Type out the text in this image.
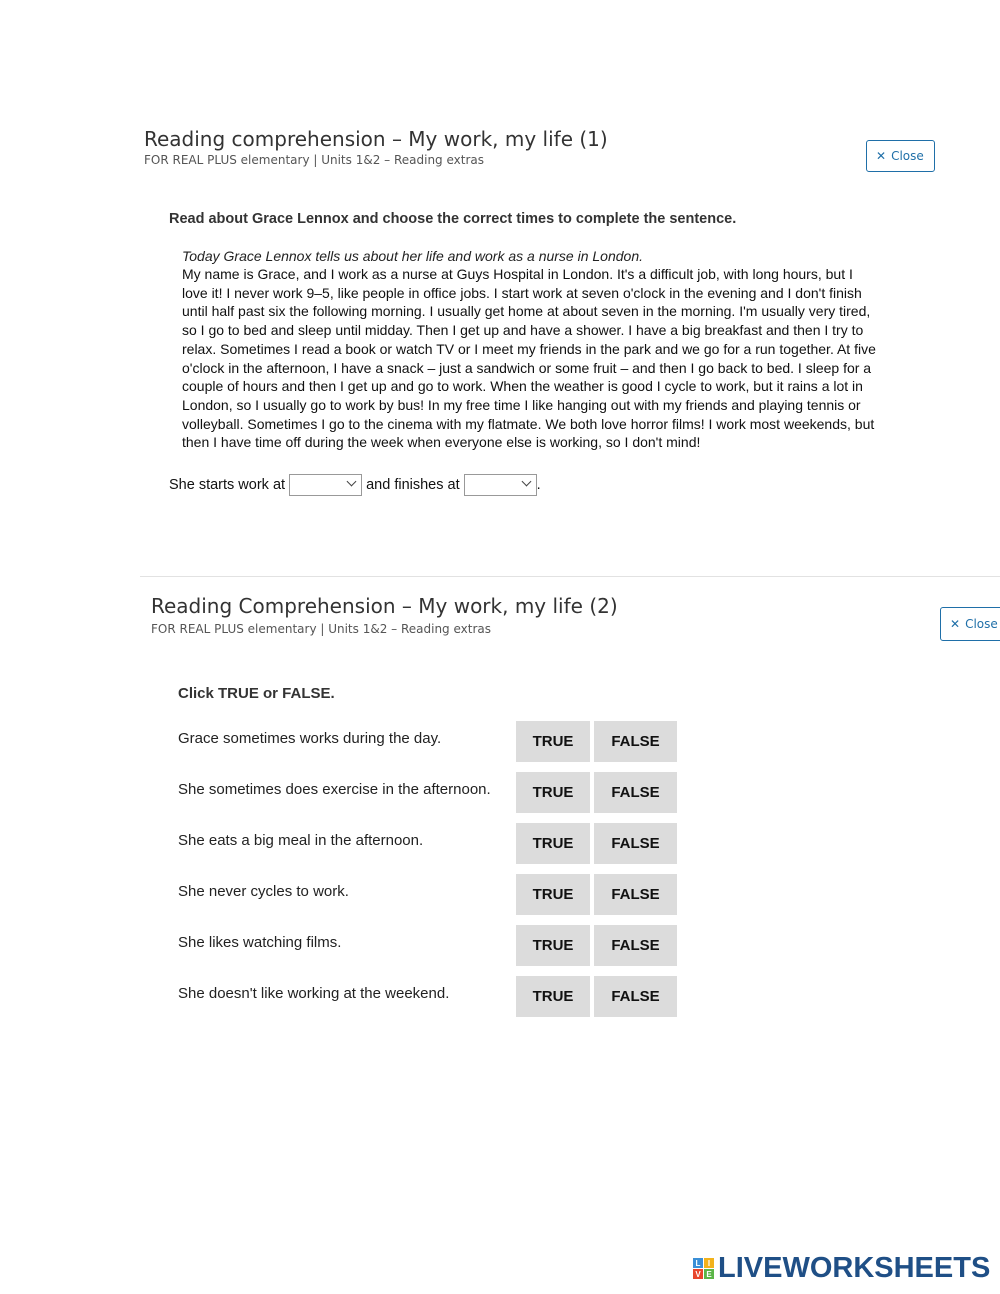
Reading comprehension – My work, my life (1)
FOR REAL PLUS elementary | Units 1&2 – Reading extras	✕ Close
Read about Grace Lennox and choose the correct times to complete the sentence.
Today Grace Lennox tells us about her life and work as a nurse in London.
My name is Grace, and I work as a nurse at Guys Hospital in London. It's a difficult job, with long hours, but I
love it! I never work 9–5, like people in office jobs. I start work at seven o'clock in the evening and I don't finish
until half past six the following morning. I usually get home at about seven in the morning. I'm usually very tired,
so I go to bed and sleep until midday. Then I get up and have a shower. I have a big breakfast and then I try to
relax. Sometimes I read a book or watch TV or I meet my friends in the park and we go for a run together. At five
o'clock in the afternoon, I have a snack – just a sandwich or some fruit – and then I go back to bed. I sleep for a
couple of hours and then I get up and go to work. When the weather is good I cycle to work, but it rains a lot in
London, so I usually go to work by bus! In my free time I like hanging out with my friends and playing tennis or
volleyball. Sometimes I go to the cinema with my flatmate. We both love horror films! I work most weekends, but
then I have time off during the week when everyone else is working, so I don't mind!
She starts work at	and finishes at	.
Reading Comprehension – My work, my life (2)
FOR REAL PLUS elementary | Units 1&2 – Reading extras	✕ Close
Click TRUE or FALSE.
Grace sometimes works during the day.	TRUE	FALSE
She sometimes does exercise in the afternoon.	TRUE	FALSE
She eats a big meal in the afternoon.	TRUE	FALSE
She never cycles to work.	TRUE	FALSE
She likes watching films.	TRUE	FALSE
She doesn't like working at the weekend.	TRUE	FALSE
L I
V E LIVEWORKSHEETS
